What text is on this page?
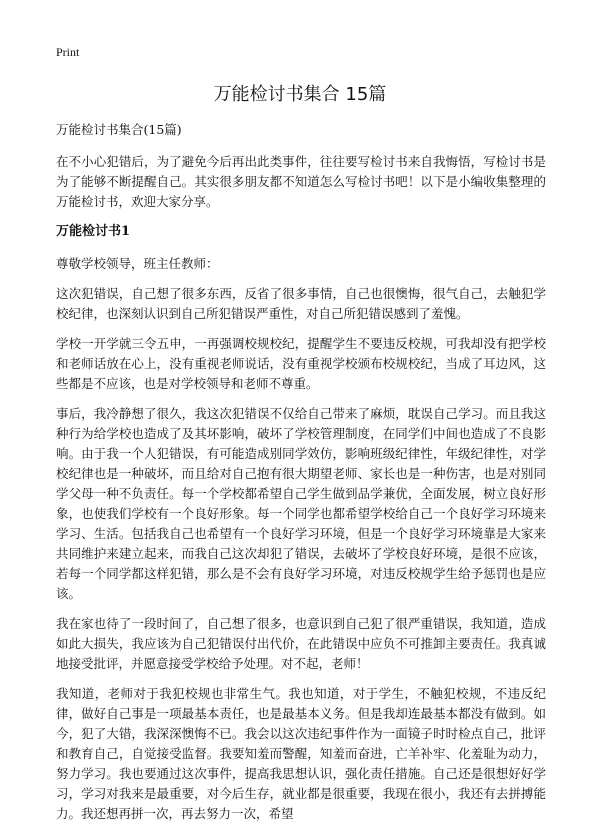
Print
万能检讨书集合 15篇

万能检讨书集合(15篇)

在不小心犯错后，为了避免今后再出此类事件，往往要写检讨书来自我悔悟，写检讨书是为了能够不断提醒自己。其实很多朋友都不知道怎么写检讨书吧！以下是小编收集整理的万能检讨书，欢迎大家分享。

万能检讨书1

尊敬学校领导，班主任教师：

这次犯错误，自己想了很多东西，反省了很多事情，自己也很懊悔，很气自己，去触犯学校纪律，也深刻认识到自己所犯错误严重性，对自己所犯错误感到了羞愧。

学校一开学就三令五申，一再强调校规校纪，提醒学生不要违反校规，可我却没有把学校和老师话放在心上，没有重视老师说话，没有重视学校颁布校规校纪，当成了耳边风，这些都是不应该，也是对学校领导和老师不尊重。

事后，我冷静想了很久，我这次犯错误不仅给自己带来了麻烦，耽误自己学习。而且我这种行为给学校也造成了及其坏影响，破坏了学校管理制度，在同学们中间也造成了不良影响。由于我一个人犯错误，有可能造成别同学效仿，影响班级纪律性，年级纪律性，对学校纪律也是一种破坏，而且给对自己抱有很大期望老师、家长也是一种伤害，也是对别同学父母一种不负责任。每一个学校都希望自己学生做到品学兼优，全面发展，树立良好形象，也使我们学校有一个良好形象。每一个同学也都希望学校给自己一个良好学习环境来学习、生活。包括我自己也希望有一个良好学习环境，但是一个良好学习环境靠是大家来共同维护来建立起来，而我自己这次却犯了错误，去破坏了学校良好环境，是很不应该，若每一个同学都这样犯错，那么是不会有良好学习环境，对违反校规学生给予惩罚也是应该。

我在家也待了一段时间了，自己想了很多，也意识到自己犯了很严重错误，我知道，造成如此大损失，我应该为自己犯错误付出代价，在此错误中应负不可推卸主要责任。我真诚地接受批评，并愿意接受学校给予处理。对不起，老师！

我知道，老师对于我犯校规也非常生气。我也知道，对于学生，不触犯校规，不违反纪律，做好自己事是一项最基本责任，也是最基本义务。但是我却连最基本都没有做到。如今，犯了大错，我深深懊悔不已。我会以这次违纪事件作为一面镜子时时检点自己，批评和教育自己，自觉接受监督。我要知羞而警醒，知羞而奋进，亡羊补牢、化羞耻为动力，努力学习。我也要通过这次事件，提高我思想认识，强化责任措施。自己还是很想好好学习，学习对我来是最重要，对今后生存，就业都是很重要，我现在很小，我还有去拼搏能力。我还想再拼一次，再去努力一次，希望
